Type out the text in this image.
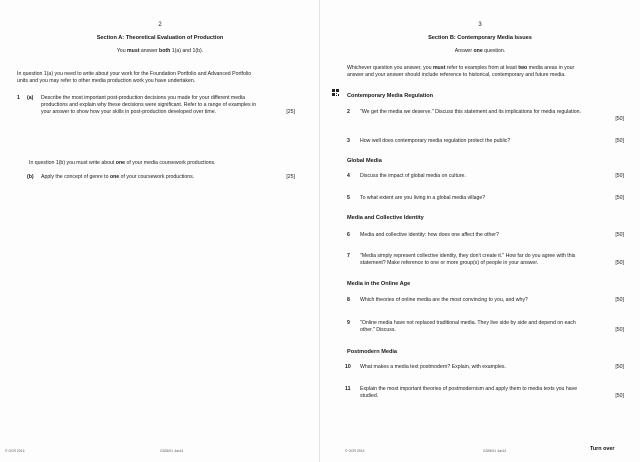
2
Section A: Theoretical Evaluation of Production
You must answer both 1(a) and 1(b).
In question 1(a) you need to write about your work for the Foundation Portfolio and Advanced Portfolio
units and you may refer to other media production work you have undertaken.
1 (a) Describe the most important post-production decisions you made for your different media
productions and explain why these decisions were significant. Refer to a range of examples in
your answer to show how your skills in post-production developed over time.	[25]
In question 1(b) you must write about one of your media coursework productions.
(b) Apply the concept of genre to one of your coursework productions.	[25]
© OCR 2014	G325/01 Jun14
3
Section B: Contemporary Media Issues
Answer one question.
Whichever question you answer, you must refer to examples from at least two media areas in your
answer and your answer should include reference to historical, contemporary and future media.
Contemporary Media Regulation
2 "We get the media we deserve." Discuss this statement and its implications for media regulation.
[50]
3 How well does contemporary media regulation protect the public?	[50]
Global Media
4 Discuss the impact of global media on culture.	[50]
5 To what extent are you living in a global media village?	[50]
Media and Collective Identity
6 Media and collective identity: how does one affect the other?	[50]
7 "Media simply represent collective identity, they don't create it." How far do you agree with this
statement? Make reference to one or more group(s) of people in your answer.	[50]
Media in the Online Age
8 Which theories of online media are the most convincing to you, and why?	[50]
9 "Online media have not replaced traditional media. They live side by side and depend on each
other." Discuss.	[50]
Postmodern Media
10 What makes a media text postmodern? Explain, with examples.	[50]
11 Explain the most important theories of postmodernism and apply them to media texts you have
studied.	[50]
© OCR 2014	G325/01 Jun14	Turn over
